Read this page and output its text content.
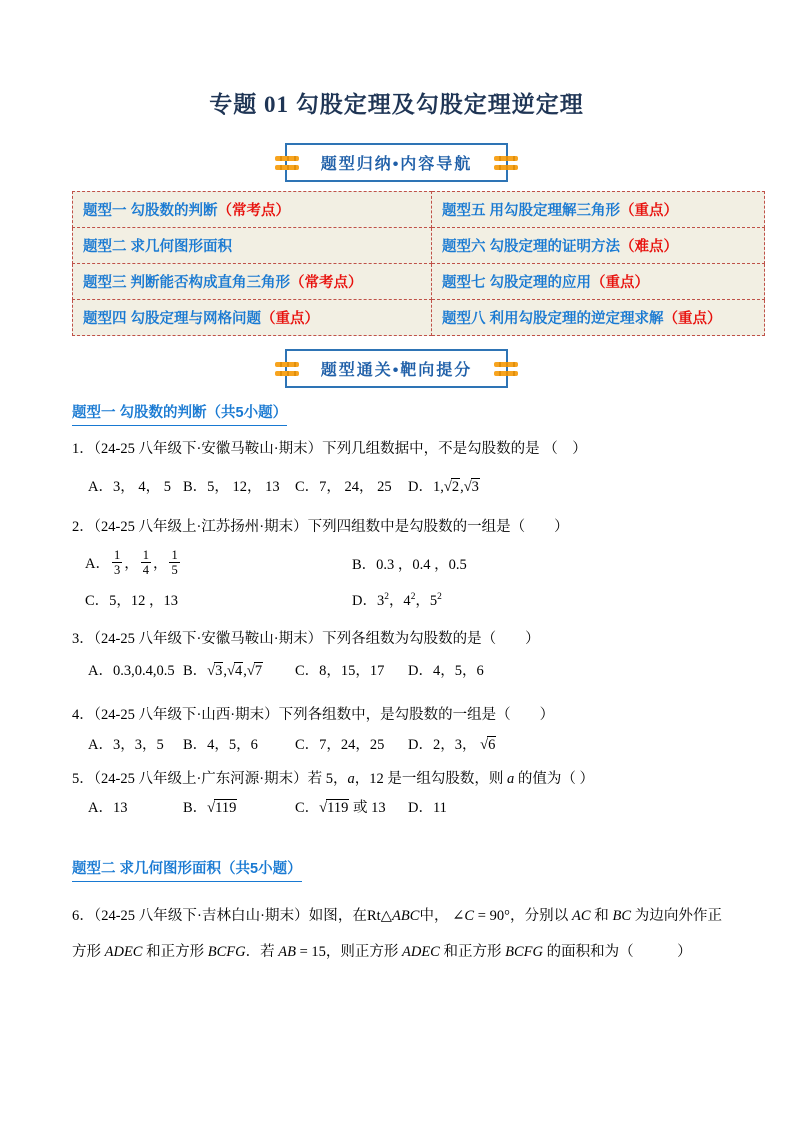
专题 01 勾股定理及勾股定理逆定理
题型归纳•内容导航
题型一 勾股数的判断（常考点）	题型五 用勾股定理解三角形（重点）
题型二 求几何图形面积	题型六 勾股定理的证明方法（难点）
题型三 判断能否构成直角三角形（常考点）	题型七 勾股定理的应用（重点）
题型四 勾股定理与网格问题（重点）	题型八 利用勾股定理的逆定理求解（重点）
题型通关•靶向提分
题型一 勾股数的判断（共5小题）

1．（24-25 八年级下·安徽马鞍山·期末）下列几组数据中，不是勾股数的是 （　）

A．3， 4， 5 B．5， 12， 13	C．7， 24， 25	D．1,√2,√3

2．（24-25 八年级上·江苏扬州·期末）下列四组数中是勾股数的一组是（　　）

A． $\frac{1}{3}$ ， $\frac{1}{4}$ ， $\frac{1}{5}$	B．0.3 ，0.4 ，0.5
C．5，12 ，13	D．$3^2$，$4^2$，$5^2$

3．（24-25 八年级下·安徽马鞍山·期末）下列各组数为勾股数的是（　　）

A．0.3,0.4,0.5 B．√3,√4,√7	C．8，15，17	D．4，5，6

4．（24-25 八年级下·山西·期末）下列各组数中，是勾股数的一组是（　　）

A．3，3，5	B．4，5，6	C．7，24，25	D．2，3， √6

5．（24-25 八年级上·广东河源·期末）若 5，a，12 是一组勾股数，则 a 的值为（ ）

A．13	B．√119	C．√119 或 13	D．11
题型二 求几何图形面积（共5小题）

6．（24-25 八年级下·吉林白山·期末）如图，在Rt△ABC中， ∠C = 90°，分别以 AC 和 BC 为边向外作正方形 ADEC 和正方形 BCFG．若 AB = 15，则正方形 ADEC 和正方形 BCFG 的面积和为（　　　）
